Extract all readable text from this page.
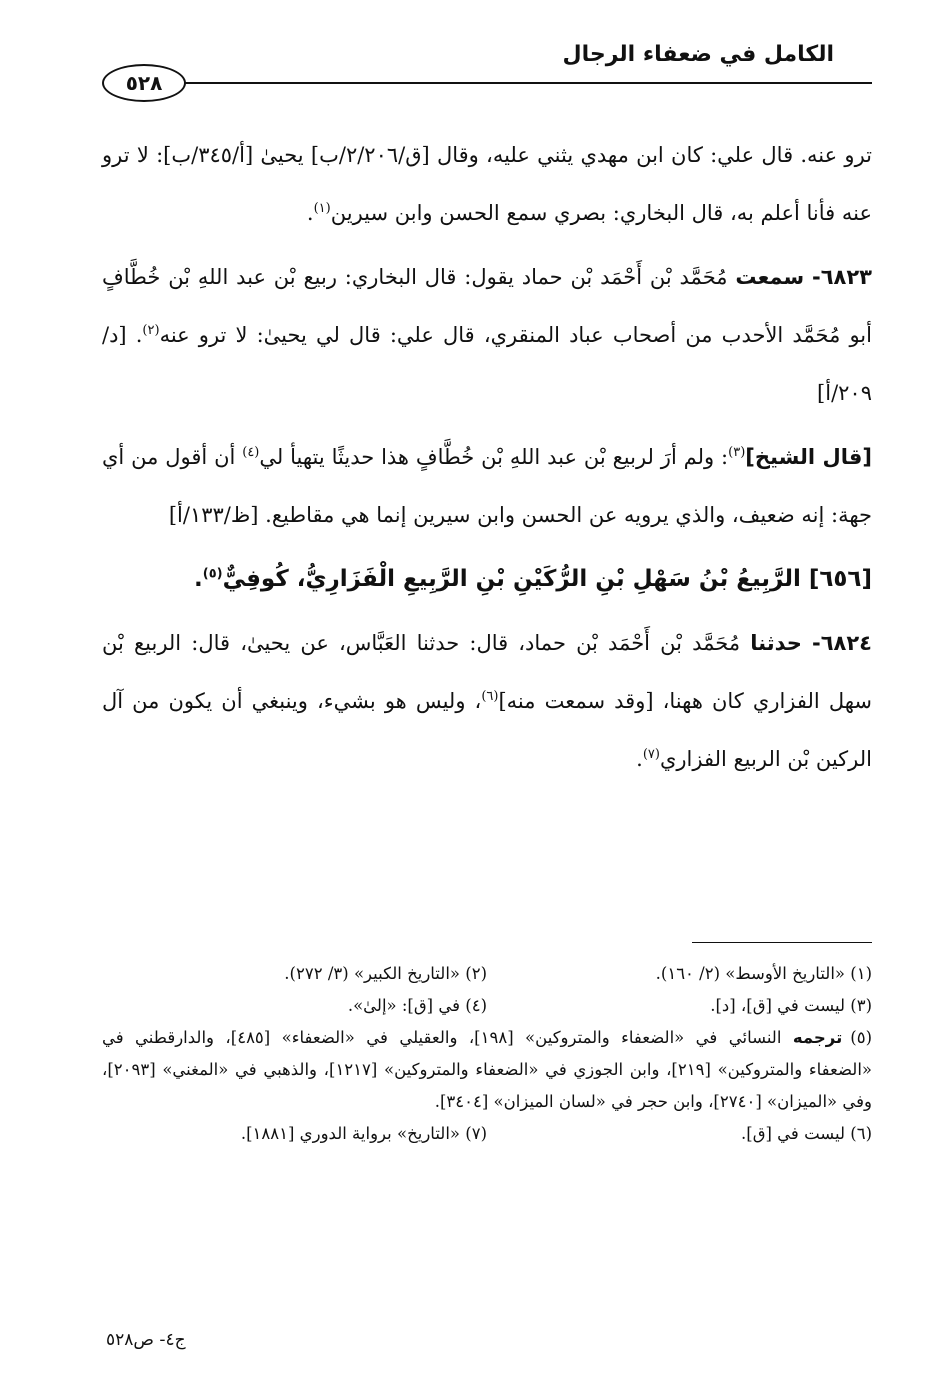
الكامل في ضعفاء الرجال
٥٢٨

ترو عنه. قال علي: كان ابن مهدي يثني عليه، وقال [ق/٢/٢٠٦/ب] يحيىٰ [أ/٣٤٥/ب]: لا ترو عنه فأنا أعلم به، قال البخاري: بصري سمع الحسن وابن سيرين$^{(١)}$.

٦٨٢٣- سمعت مُحَمَّد بْن أَحْمَد بْن حماد يقول: قال البخاري: ربيع بْن عبد اللهِ بْن خُطَّافٍ أبو مُحَمَّد الأحدب من أصحاب عباد المنقري، قال علي: قال لي يحيىٰ: لا ترو عنه$^{(٢)}$. [د/٢٠٩/أ]

[قال الشيخ]$^{(٣)}$: ولم أرَ لربيع بْن عبد اللهِ بْن خُطَّافٍ هذا حديثًا يتهيأ لي$^{(٤)}$ أن أقول من أي جهة: إنه ضعيف، والذي يرويه عن الحسن وابن سيرين إنما هي مقاطيع. [ظ/١٣٣/أ]

[٦٥٦] الرَّبِيعُ بْنُ سَهْلِ بْنِ الرُّكَيْنِ بْنِ الرَّبِيعِ الْفَزَارِيُّ، كُوفِيٌّ$^{(٥)}$.

٦٨٢٤- حدثنا مُحَمَّد بْن أَحْمَد بْن حماد، قال: حدثنا العَبَّاس، عن يحيىٰ، قال: الربيع بْن سهل الفزاري كان ههنا، [وقد سمعت منه]$^{(٦)}$، وليس هو بشيء، وينبغي أن يكون من آل الركين بْن الربيع الفزاري$^{(٧)}$.

(١) «التاريخ الأوسط» (٢/ ١٦٠).
(٢) «التاريخ الكبير» (٣/ ٢٧٢).
(٣) ليست في [ق]، [د].
(٤) في [ق]: «إلىٰ».
(٥)ترجمه النسائي في «الضعفاء والمتروكين» [١٩٨]، والعقيلي في «الضعفاء» [٤٨٥]، والدارقطني في «الضعفاء والمتروكين» [٢١٩]، وابن الجوزي في «الضعفاء والمتروكين» [١٢١٧]، والذهبي في «المغني» [٢٠٩٣]، وفي «الميزان» [٢٧٤٠]، وابن حجر في «لسان الميزان» [٣٤٠٤].
(٦) ليست في [ق].
(٧) «التاريخ» برواية الدوري [١٨٨١].
ج٤- ص٥٢٨
